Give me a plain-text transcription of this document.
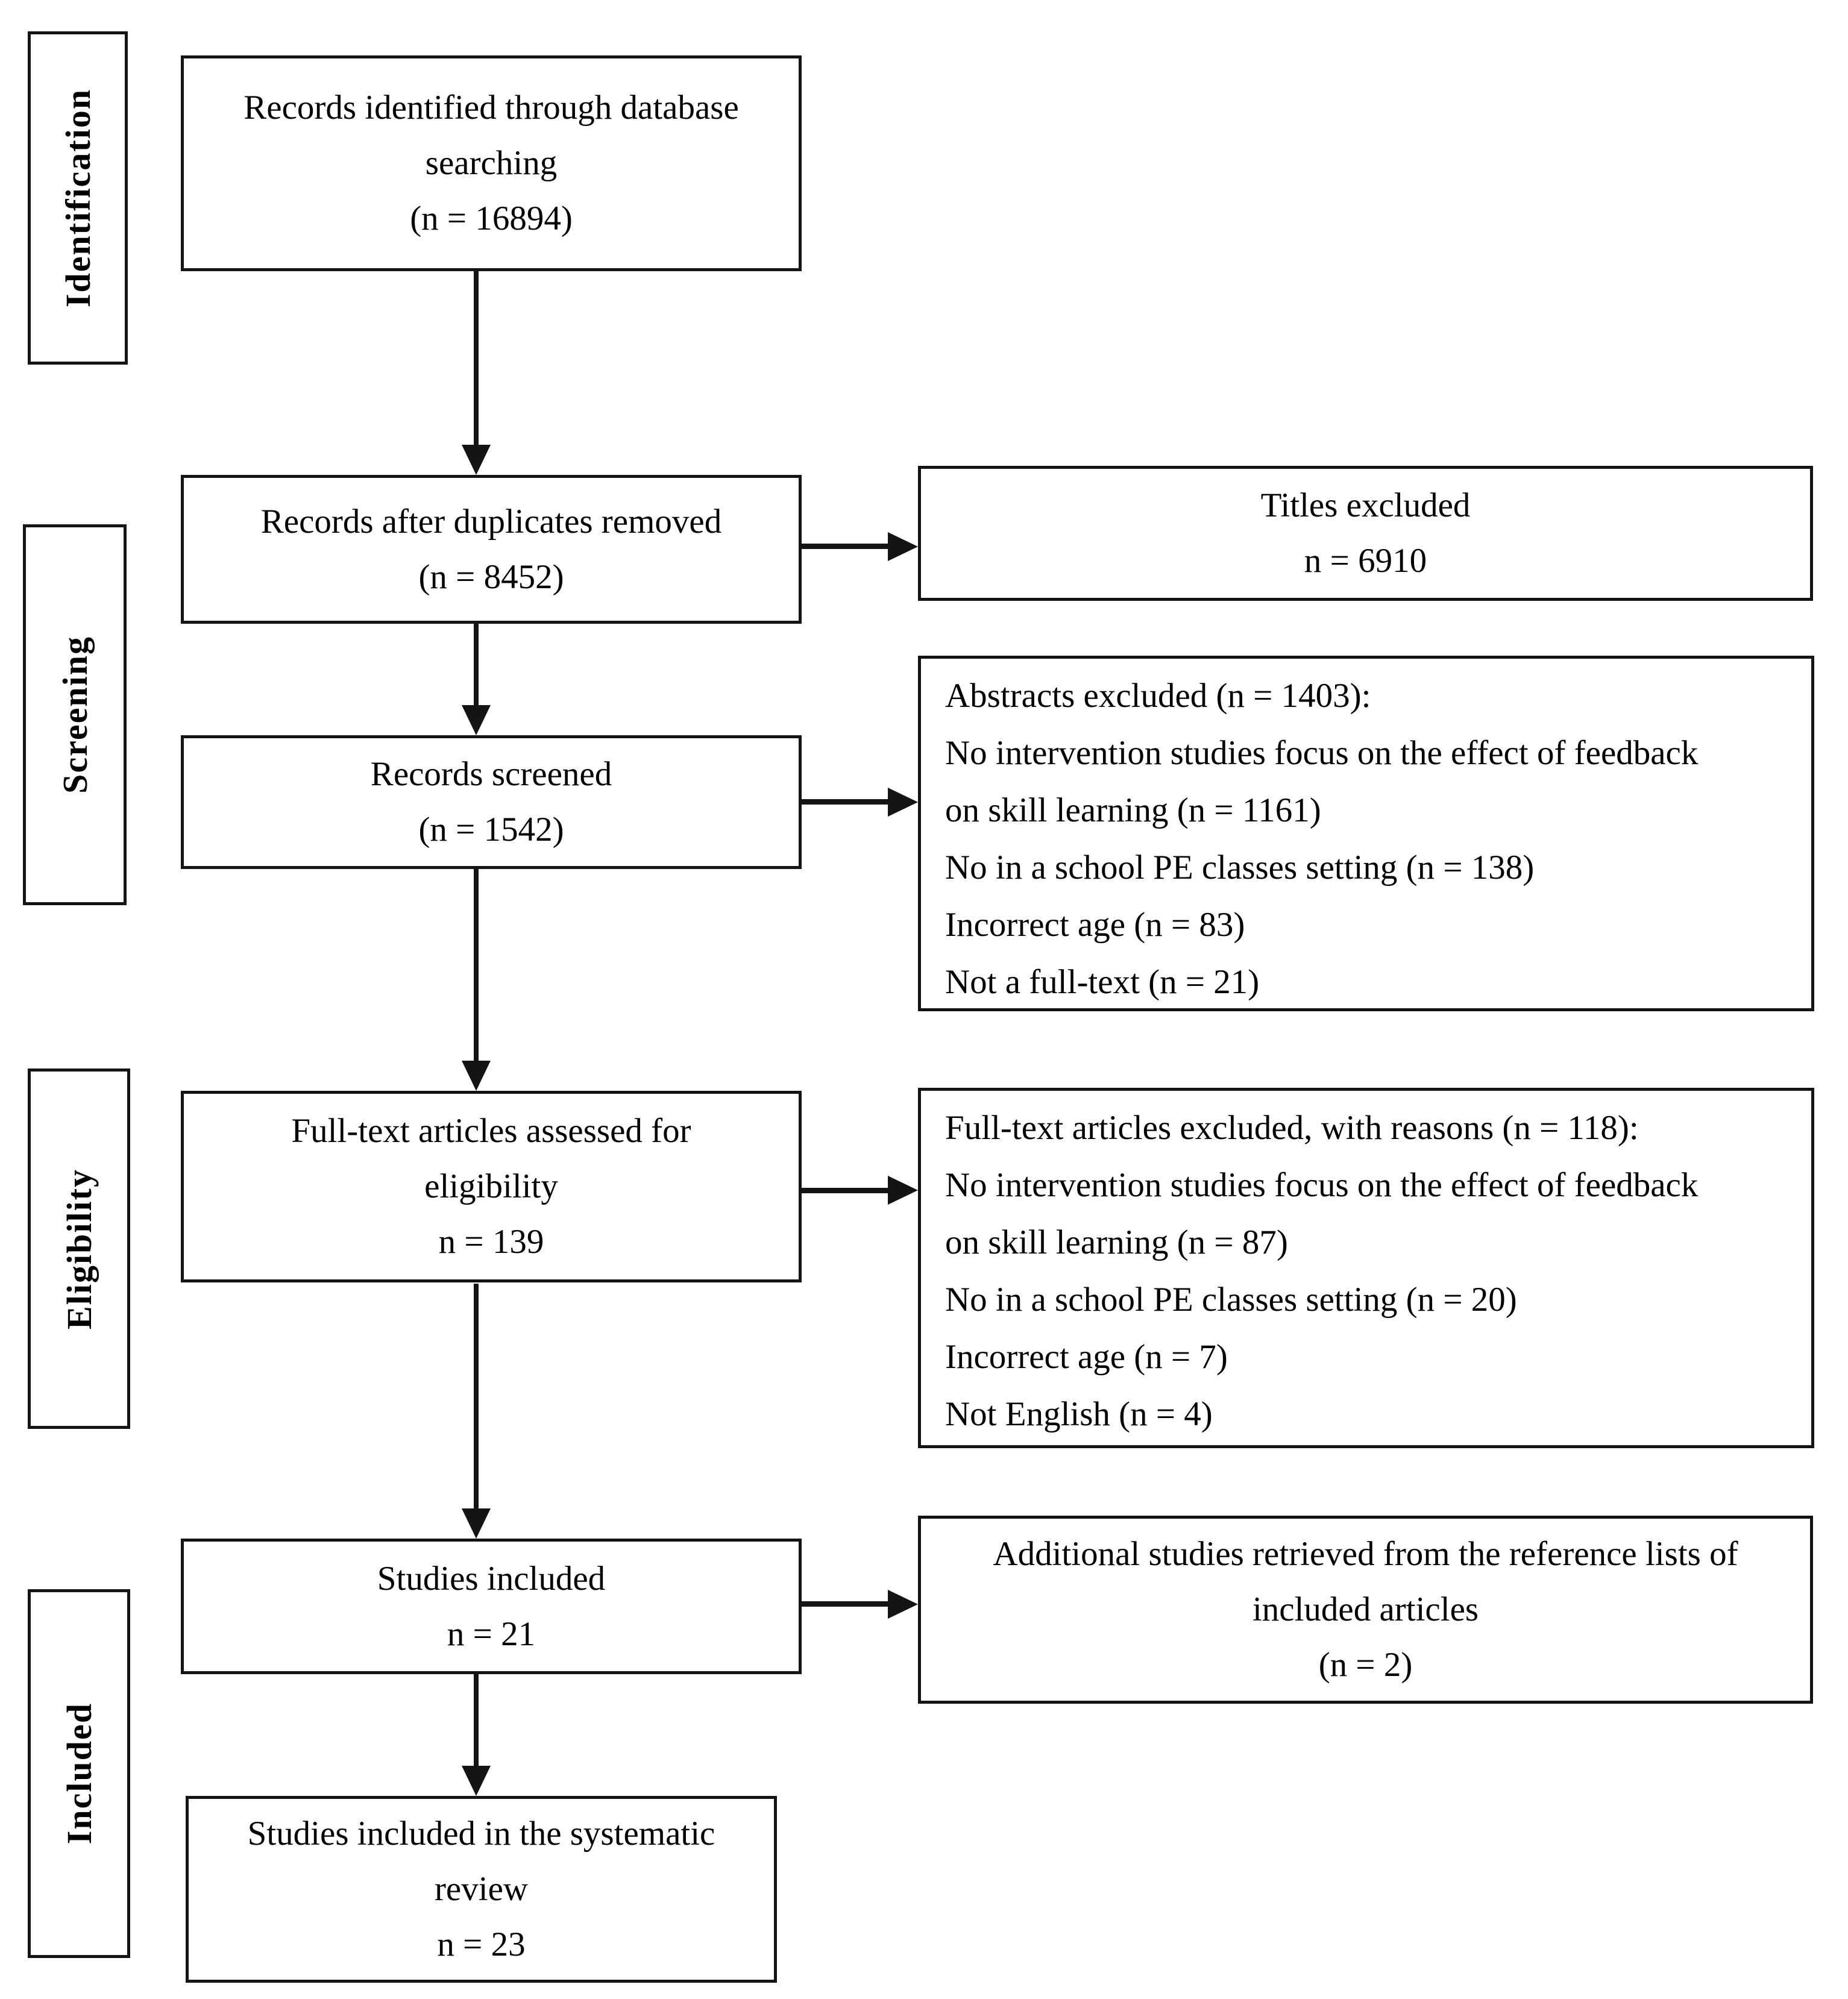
Identification
Screening
Eligibility
Included
Records identified through database
searching
(n = 16894)
Records after duplicates removed
(n = 8452)
Records screened
(n = 1542)
Full-text articles assessed for
eligibility
n = 139
Studies included
n = 21
Studies included in the systematic
review
n = 23
Titles excluded
n = 6910
Abstracts excluded (n = 1403):
No intervention studies focus on the effect of feedback
on skill learning (n = 1161)
No in a school PE classes setting (n = 138)
Incorrect age (n = 83)
Not a full-text (n = 21)
Full-text articles excluded, with reasons (n = 118):
No intervention studies focus on the effect of feedback
on skill learning (n = 87)
No in a school PE classes setting (n = 20)
Incorrect age (n = 7)
Not English (n = 4)
Additional studies retrieved from the reference lists of
included articles
(n = 2)
